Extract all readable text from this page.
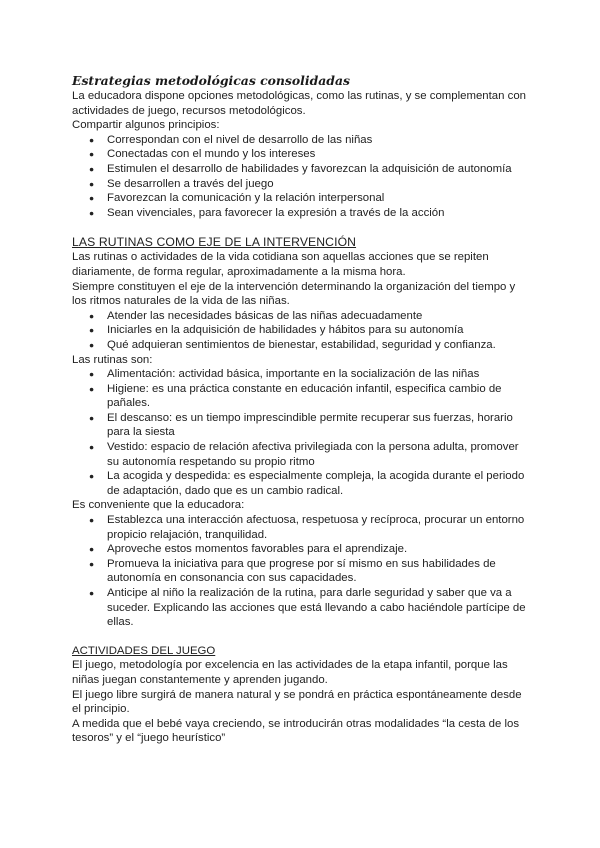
Estrategias metodológicas consolidadas

La educadora dispone opciones metodológicas, como las rutinas, y se complementan con actividades de juego, recursos metodológicos.

Compartir algunos principios:

● Correspondan con el nivel de desarrollo de las niñas
● Conectadas con el mundo y los intereses
● Estimulen el desarrollo de habilidades y favorezcan la adquisición de autonomía
● Se desarrollen a través del juego
● Favorezcan la comunicación y la relación interpersonal
● Sean vivenciales, para favorecer la expresión a través de la acción
LAS RUTINAS COMO EJE DE LA INTERVENCIÓN

Las rutinas o actividades de la vida cotidiana son aquellas acciones que se repiten diariamente, de forma regular, aproximadamente a la misma hora.

Siempre constituyen el eje de la intervención determinando la organización del tiempo y los ritmos naturales de la vida de las niñas.

● Atender las necesidades básicas de las niñas adecuadamente
● Iniciarles en la adquisición de habilidades y hábitos para su autonomía
● Qué adquieran sentimientos de bienestar, estabilidad, seguridad y confianza.

Las rutinas son:

● Alimentación: actividad básica, importante en la socialización de las niñas
● Higiene: es una práctica constante en educación infantil, especifica cambio de pañales.
● El descanso: es un tiempo imprescindible permite recuperar sus fuerzas, horario para la siesta
● Vestido: espacio de relación afectiva privilegiada con la persona adulta, promover su autonomía respetando su propio ritmo
● La acogida y despedida: es especialmente compleja, la acogida durante el periodo de adaptación, dado que es un cambio radical.

Es conveniente que la educadora:

● Establezca una interacción afectuosa, respetuosa y recíproca, procurar un entorno propicio relajación, tranquilidad.
● Aproveche estos momentos favorables para el aprendizaje.
● Promueva la iniciativa para que progrese por sí mismo en sus habilidades de autonomía en consonancia con sus capacidades.
● Anticipe al niño la realización de la rutina, para darle seguridad y saber que va a suceder. Explicando las acciones que está llevando a cabo haciéndole partícipe de ellas.
ACTIVIDADES DEL JUEGO

El juego, metodología por excelencia en las actividades de la etapa infantil, porque las niñas juegan constantemente y aprenden jugando.

El juego libre surgirá de manera natural y se pondrá en práctica espontáneamente desde el principio.

A medida que el bebé vaya creciendo, se introducirán otras modalidades “la cesta de los tesoros” y el “juego heurístico”
